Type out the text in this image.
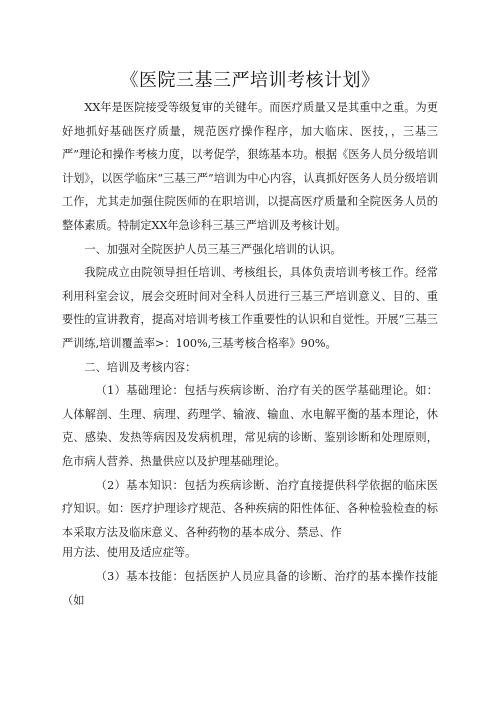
《医院三基三严培训考核计划》

XX年是医院接受等级复审的关键年。而医疗质量又是其重中之重。为更好地抓好基础医疗质量，规范医疗操作程序，加大临床、医技，，三基三严”理论和操作考核力度，以考促学，狠练基本功。根据《医务人员分级培训计划》，以医学临床“三基三严”培训为中心内容，认真抓好医务人员分级培训工作，尤其走加强住院医师的在职培训，以提高医疗质量和全院医务人员的整体素质。特制定XX年急诊科三基三严培训及考核计划。

一、加强对全院医护人员三基三严强化培训的认识。

我院成立由院领导担任培训、考核组长，具体负责培训考核工作。经常利用科室会议，展会交班时间对全科人员进行三基三严培训意义、目的、重要性的宣讲教育，提高对培训考核工作重要性的认识和自觉性。开展“三基三严训练,培训覆盖率>：100%,三基考核合格率》90%。

二、培训及考核内容：

（1）基础理论：包括与疾病诊断、治疗有关的医学基础理论。如：人体解剖、生理、病理、药理学、输液、输血、水电解平衡的基本理论，休克、感染、发热等病因及发病机理，常见病的诊断、鉴别诊断和处理原则，危市病人营养、热量供应以及护理基础理论。

（2）基本知识：包括为疾病诊断、治疗直接提供科学依据的临床医疗知识。如：医疗护理诊疗规范、各种疾病的阳性体征、各种检验检查的标本采取方法及临床意义、各种药物的基本成分、禁忌、作

用方法、使用及适应症等。

（3）基本技能：包括医护人员应具备的诊断、治疗的基本操作技能（如
